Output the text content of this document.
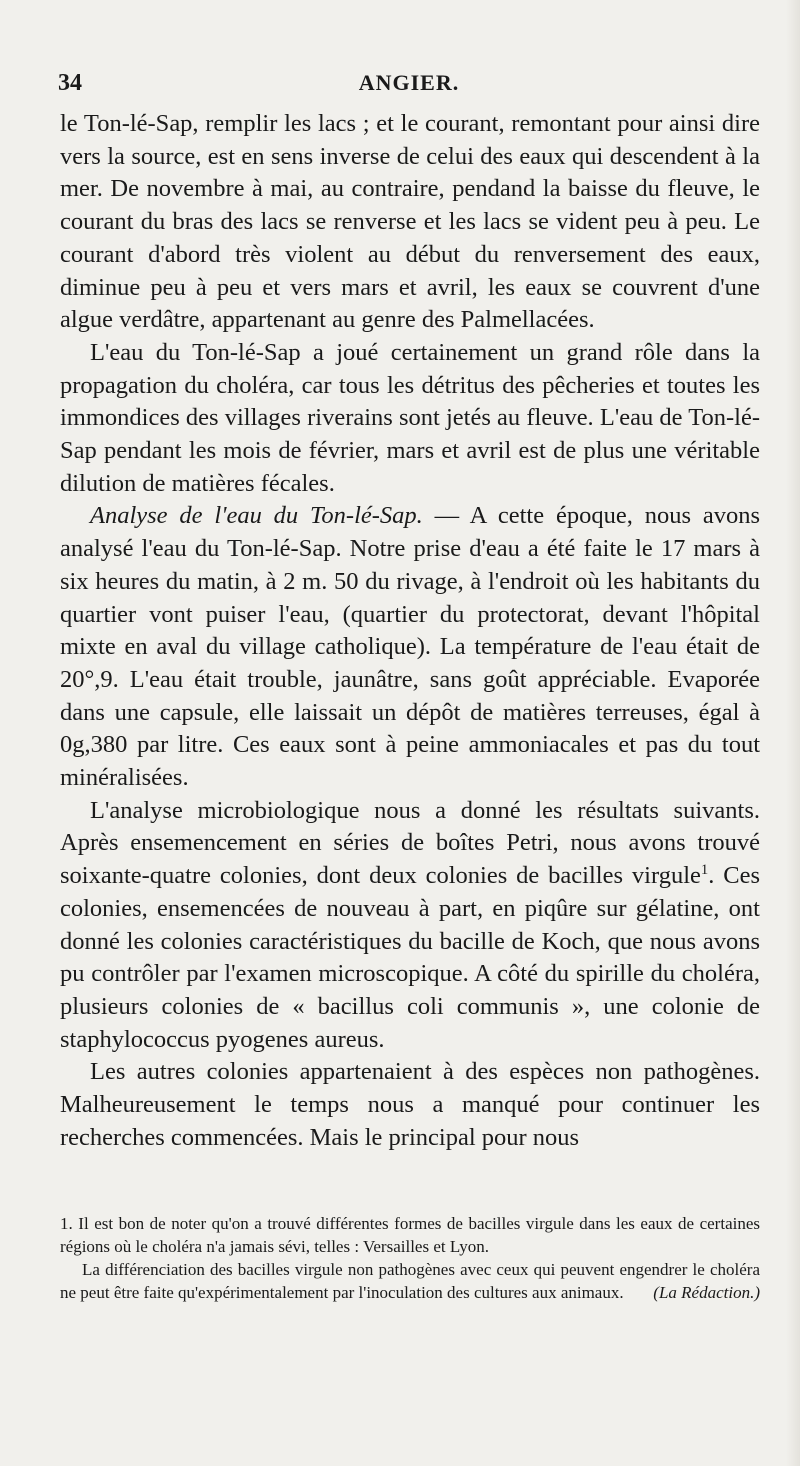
34	ANGIER.

le Ton-lé-Sap, remplir les lacs ; et le courant, remontant pour ainsi dire vers la source, est en sens inverse de celui des eaux qui descendent à la mer. De novembre à mai, au contraire, pendand la baisse du fleuve, le courant du bras des lacs se renverse et les lacs se vident peu à peu. Le courant d'abord très violent au début du renversement des eaux, diminue peu à peu et vers mars et avril, les eaux se couvrent d'une algue verdâtre, appartenant au genre des Palmellacées.

L'eau du Ton-lé-Sap a joué certainement un grand rôle dans la propagation du choléra, car tous les détritus des pêcheries et toutes les immondices des villages riverains sont jetés au fleuve. L'eau de Ton-lé-Sap pendant les mois de février, mars et avril est de plus une véritable dilution de matières fécales.

Analyse de l'eau du Ton-lé-Sap. — A cette époque, nous avons analysé l'eau du Ton-lé-Sap. Notre prise d'eau a été faite le 17 mars à six heures du matin, à 2 m. 50 du rivage, à l'endroit où les habitants du quartier vont puiser l'eau, (quartier du protectorat, devant l'hôpital mixte en aval du village catholique). La température de l'eau était de 20°,9. L'eau était trouble, jaunâtre, sans goût appréciable. Evaporée dans une capsule, elle laissait un dépôt de matières terreuses, égal à 0g,380 par litre. Ces eaux sont à peine ammoniacales et pas du tout minéralisées.

L'analyse microbiologique nous a donné les résultats suivants. Après ensemencement en séries de boîtes Petri, nous avons trouvé soixante-quatre colonies, dont deux colonies de bacilles virgule$^1$. Ces colonies, ensemencées de nouveau à part, en piqûre sur gélatine, ont donné les colonies caractéristiques du bacille de Koch, que nous avons pu contrôler par l'examen microscopique. A côté du spirille du choléra, plusieurs colonies de « bacillus coli communis », une colonie de staphylococcus pyogenes aureus.

Les autres colonies appartenaient à des espèces non pathogènes. Malheureusement le temps nous a manqué pour continuer les recherches commencées. Mais le principal pour nous

1. Il est bon de noter qu'on a trouvé différentes formes de bacilles virgule dans les eaux de certaines régions où le choléra n'a jamais sévi, telles : Versailles et Lyon.

La différenciation des bacilles virgule non pathogènes avec ceux qui peuvent engendrer le choléra ne peut être faite qu'expérimentalement par l'inoculation des cultures aux animaux.	(La Rédaction.)
